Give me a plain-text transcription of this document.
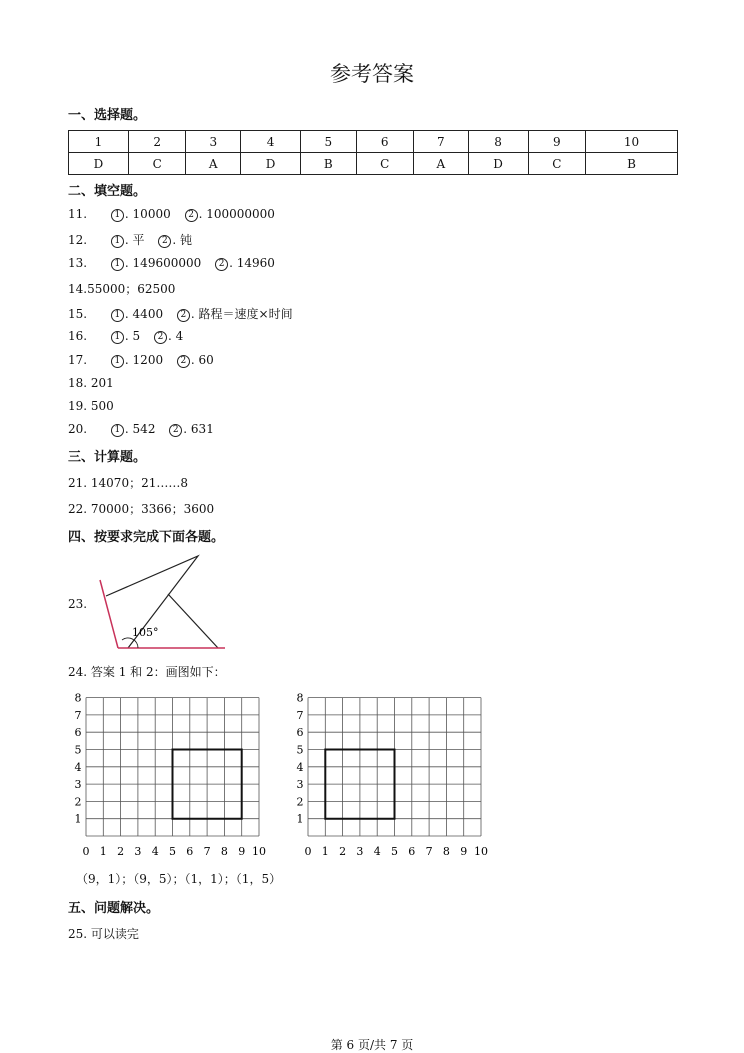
参考答案
一、选择题。
1	2	3	4	5	6	7	8	9	10
D	C	A	D	B	C	A	D	C	B
二、填空题。
11.	1 . 10000 2 . 100000000
12.	1 . 平 2 . 钝
13.	1 . 149600000 2 . 14960
14.55000；62500
15.	1 . 4400 2 . 路程＝速度×时间
16.	1 . 5 2 . 4
17.	1 . 1200 2 . 60
18. 201
19. 500
20.	1 . 542 2 . 631
三、计算题。
21. 14070；21……8
22. 70000；3366；3600
四、按要求完成下面各题。
23.
105°
24. 答案 1 和 2：画图如下：
0 1 2 3 4 5 6 7 8 9 10
1
2
3
4
5
6
7
8
0 1 2 3 4 5 6 7 8 9 10
1
2
3
4
5
6
7
8
（9，1）；（9，5）；（1，1）；（1，5）
五、问题解决。
25. 可以读完
第 6 页/共 7 页
